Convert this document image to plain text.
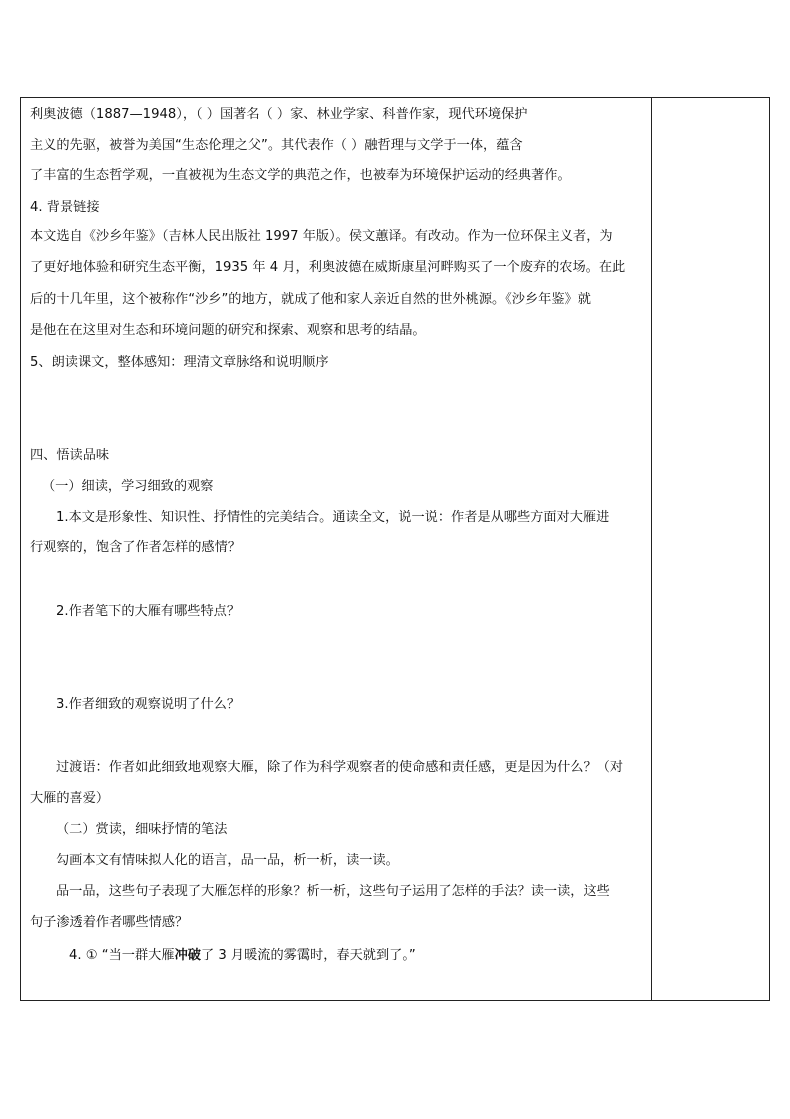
利奥波德（1887—1948），（ ）国著名（ ）家、林业学家、科普作家，现代环境保护
主义的先驱，被誉为美国“生态伦理之父”。其代表作（ ）融哲理与文学于一体，蕴含
了丰富的生态哲学观，一直被视为生态文学的典范之作，也被奉为环境保护运动的经典著作。
4. 背景链接
本文选自《沙乡年鉴》（吉林人民出版社 1997 年版）。侯文蕙译。有改动。作为一位环保主义者，为
了更好地体验和研究生态平衡，1935 年 4 月，利奥波德在威斯康星河畔购买了一个废弃的农场。在此
后的十几年里，这个被称作“沙乡”的地方，就成了他和家人亲近自然的世外桃源。《沙乡年鉴》就
是他在在这里对生态和环境问题的研究和探索、观察和思考的结晶。
5、朗读课文，整体感知：理清文章脉络和说明顺序
四、悟读品味
（一）细读，学习细致的观察
1.本文是形象性、知识性、抒情性的完美结合。通读全文，说一说：作者是从哪些方面对大雁进
行观察的，饱含了作者怎样的感情？
2.作者笔下的大雁有哪些特点？
3.作者细致的观察说明了什么？
过渡语：作者如此细致地观察大雁，除了作为科学观察者的使命感和责任感，更是因为什么？（对
大雁的喜爱）
（二）赏读，细味抒情的笔法
勾画本文有情味拟人化的语言，品一品，析一析，读一读。
品一品，这些句子表现了大雁怎样的形象？析一析，这些句子运用了怎样的手法？读一读，这些
句子渗透着作者哪些情感？
4. ① “当一群大雁冲破了 3 月暖流的雾霭时，春天就到了。”
